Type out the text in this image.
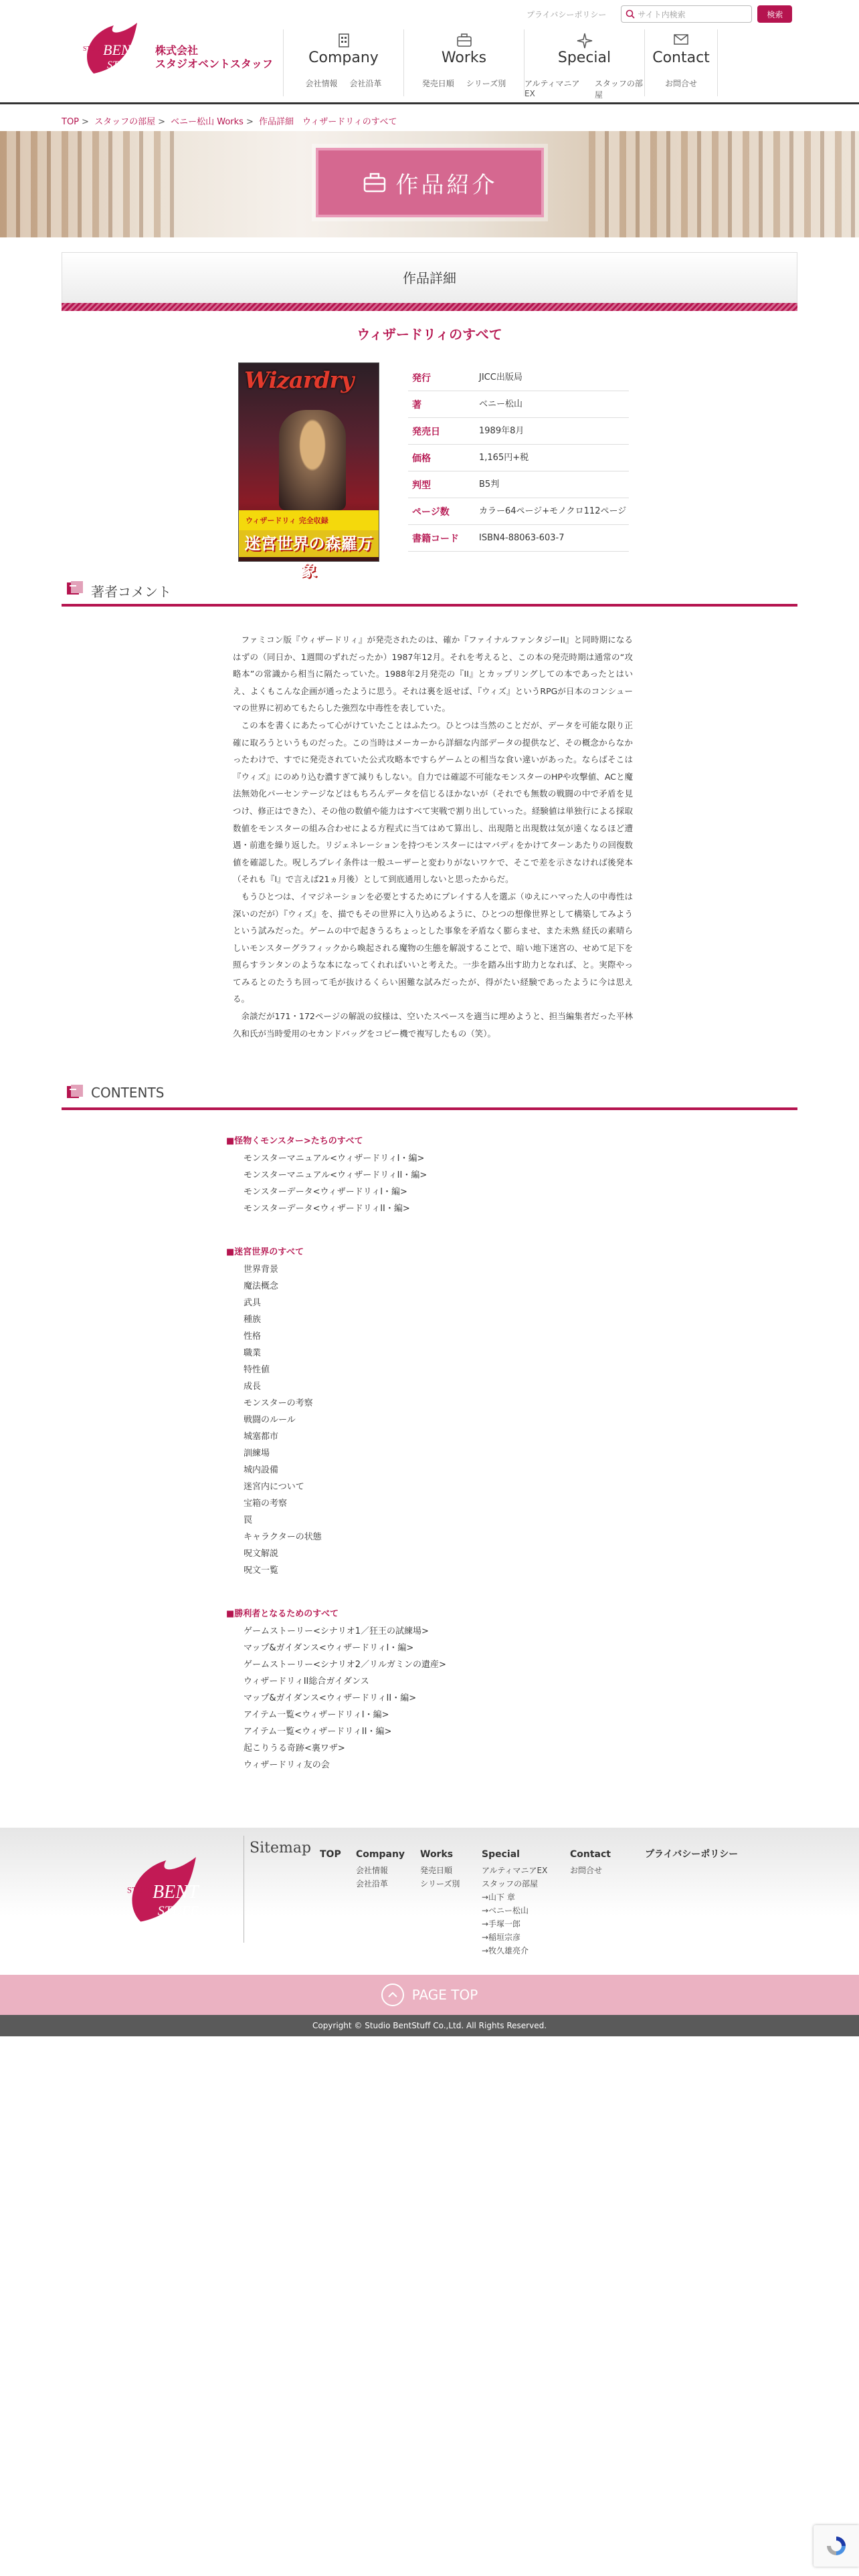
STUDIO
BENT
STUFF
株式会社
スタジオベントスタッフ
プライバシーポリシー	サイト内検索	検索
Company
会社情報 会社沿革
Works
発売日順 シリーズ別
Special
アルティマニアEX
スタッフの部屋
Contact
お問合せ
TOP > スタッフの部屋 > ベニー松山 Works > 作品詳細　ウィザードリィのすべて
作品紹介
作品詳細
ウィザードリィのすべて
Wizardry
ウィザードリィ 完全収録
迷宮世界の森羅万象
発行	JICC出版局
著	ベニー松山
発売日	1989年8月
価格	1,165円+税
判型	B5判
ページ数	カラー64ページ+モノクロ112ページ
書籍コード	ISBN4-88063-603-7
著者コメント

ファミコン版『ウィザードリィ』が発売されたのは、確か『ファイナルファンタジーII』と同時期になるはずの（同日か、1週間のずれだったか）1987年12月。それを考えると、この本の発売時期は通常の“攻略本”の常識から相当に隔たっていた。1988年2月発売の『II』とカップリングしての本であったとはいえ、よくもこんな企画が通ったように思う。それは裏を返せば、『ウィズ』というRPGが日本のコンシューマの世界に初めてもたらした強烈な中毒性を表していた。

この本を書くにあたって心がけていたことはふたつ。ひとつは当然のことだが、データを可能な限り正確に取ろうというものだった。この当時はメーカーから詳細な内部データの提供など、その概念からなかったわけで、すでに発売されていた公式攻略本ですらゲームとの相当な食い違いがあった。ならばそこは『ウィズ』にのめり込む濃すぎて減りもしない。自力では確認不可能なモンスターのHPや攻撃値、ACと魔法無効化パーセンテージなどはもちろんデータを信じるほかないが（それでも無数の戦闘の中で矛盾を見つけ、修正はできた）、その他の数値や能力はすべて実戦で割り出していった。経験値は単独行による採取数値をモンスターの組み合わせによる方程式に当てはめて算出し、出現階と出現数は気が遠くなるほど遭遇・前進を繰り返した。リジェネレーションを持つモンスターにはマバディをかけてターンあたりの回復数値を確認した。呪しろプレイ条件は一般ユーザーと変わりがないワケで、そこで差を示さなければ後発本（それも『I』で言えば21ヵ月後）として到底通用しないと思ったからだ。

もうひとつは、イマジネーションを必要とするためにプレイする人を選ぶ（ゆえにハマった人の中毒性は深いのだが）『ウィズ』を、描でもその世界に入り込めるように、ひとつの想像世界として構築してみようという試みだった。ゲームの中で起きうるちょっとした事象を矛盾なく膨らませ、また未熟 経氏の素晴らしいモンスターグラフィックから喚起される魔物の生態を解説することで、暗い地下迷宮の、せめて足下を照らすランタンのような本になってくれればいいと考えた。一歩を踏み出す助力となれば、と。実際やってみるとのたうち回って毛が抜けるくらい困難な試みだったが、得がたい経験であったように今は思える。

余談だが171・172ページの解説の紋様は、空いたスペースを適当に埋めようと、担当編集者だった平林久和氏が当時愛用のセカンドバッグをコピー機で複写したもの（笑）。

CONTENTS
■怪物くモンスター>たちのすべて
モンスターマニュアル<ウィザードリィI・編>
モンスターマニュアル<ウィザードリィII・編>
モンスターデータ<ウィザードリィI・編>
モンスターデータ<ウィザードリィII・編>
■迷宮世界のすべて
世界背景
魔法概念
武具
種族
性格
職業
特性値
成長
モンスターの考察
戦闘のルール
城塞都市
訓練場
城内設備
迷宮内について
宝箱の考察
罠
キャラクターの状態
呪文解説
呪文一覧
■勝利者となるためのすべて
ゲームストーリー<シナリオ1／狂王の試練場>
マップ&ガイダンス<ウィザードリィI・編>
ゲームストーリー<シナリオ2／リルガミンの遺産>
ウィザードリィII総合ガイダンス
マップ&ガイダンス<ウィザードリィII・編>
アイテム一覧<ウィザードリィI・編>
アイテム一覧<ウィザードリィII・編>
起こりうる奇跡<裏ワザ>
ウィザードリィ友の会
STUDIO
BENT
STUFF
Sitemap TOP Company
会社情報
会社沿革
Works
発売日順
シリーズ別
Special
アルティマニアEX
スタッフの部屋
→山下 章
→ベニー松山
→手塚一郎
→稲垣宗彦
→牧久雄亮介
Contact
お問合せ
プライバシーポリシー
PAGE TOP
Copyright © Studio BentStuff Co.,Ltd. All Rights Reserved.
